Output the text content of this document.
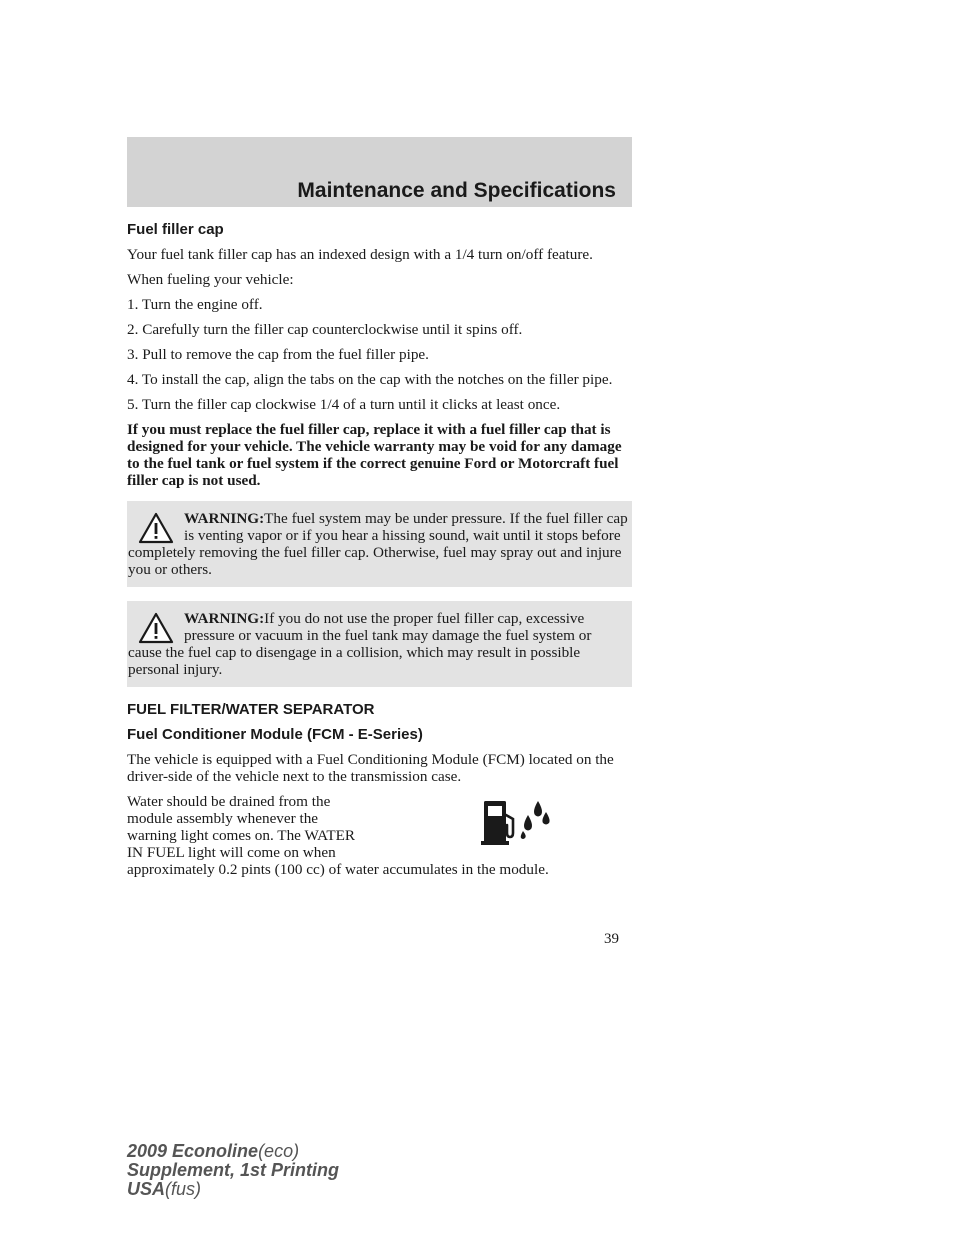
Maintenance and Specifications
Fuel filler cap

Your fuel tank filler cap has an indexed design with a 1/4 turn on/off feature.

When fueling your vehicle:

1. Turn the engine off.

2. Carefully turn the filler cap counterclockwise until it spins off.

3. Pull to remove the cap from the fuel filler pipe.

4. To install the cap, align the tabs on the cap with the notches on the filler pipe.

5. Turn the filler cap clockwise 1/4 of a turn until it clicks at least once.

If you must replace the fuel filler cap, replace it with a fuel filler cap that is designed for your vehicle. The vehicle warranty may be void for any damage to the fuel tank or fuel system if the correct genuine Ford or Motorcraft fuel filler cap is not used.

WARNING:The fuel system may be under pressure. If the fuel filler cap is venting vapor or if you hear a hissing sound, wait until it stops before completely removing the fuel filler cap. Otherwise, fuel may spray out and injure you or others.
WARNING:If you do not use the proper fuel filler cap, excessive pressure or vacuum in the fuel tank may damage the fuel system or cause the fuel cap to disengage in a collision, which may result in possible personal injury.
FUEL FILTER/WATER SEPARATOR
Fuel Conditioner Module (FCM - E-Series)

The vehicle is equipped with a Fuel Conditioning Module (FCM) located on the driver-side of the vehicle next to the transmission case.

Water should be drained from the
module assembly whenever the
warning light comes on. The WATER
IN FUEL light will come on when
approximately 0.2 pints (100 cc) of water accumulates in the module.
39
2009 Econoline(eco)
Supplement, 1st Printing
USA(fus)
